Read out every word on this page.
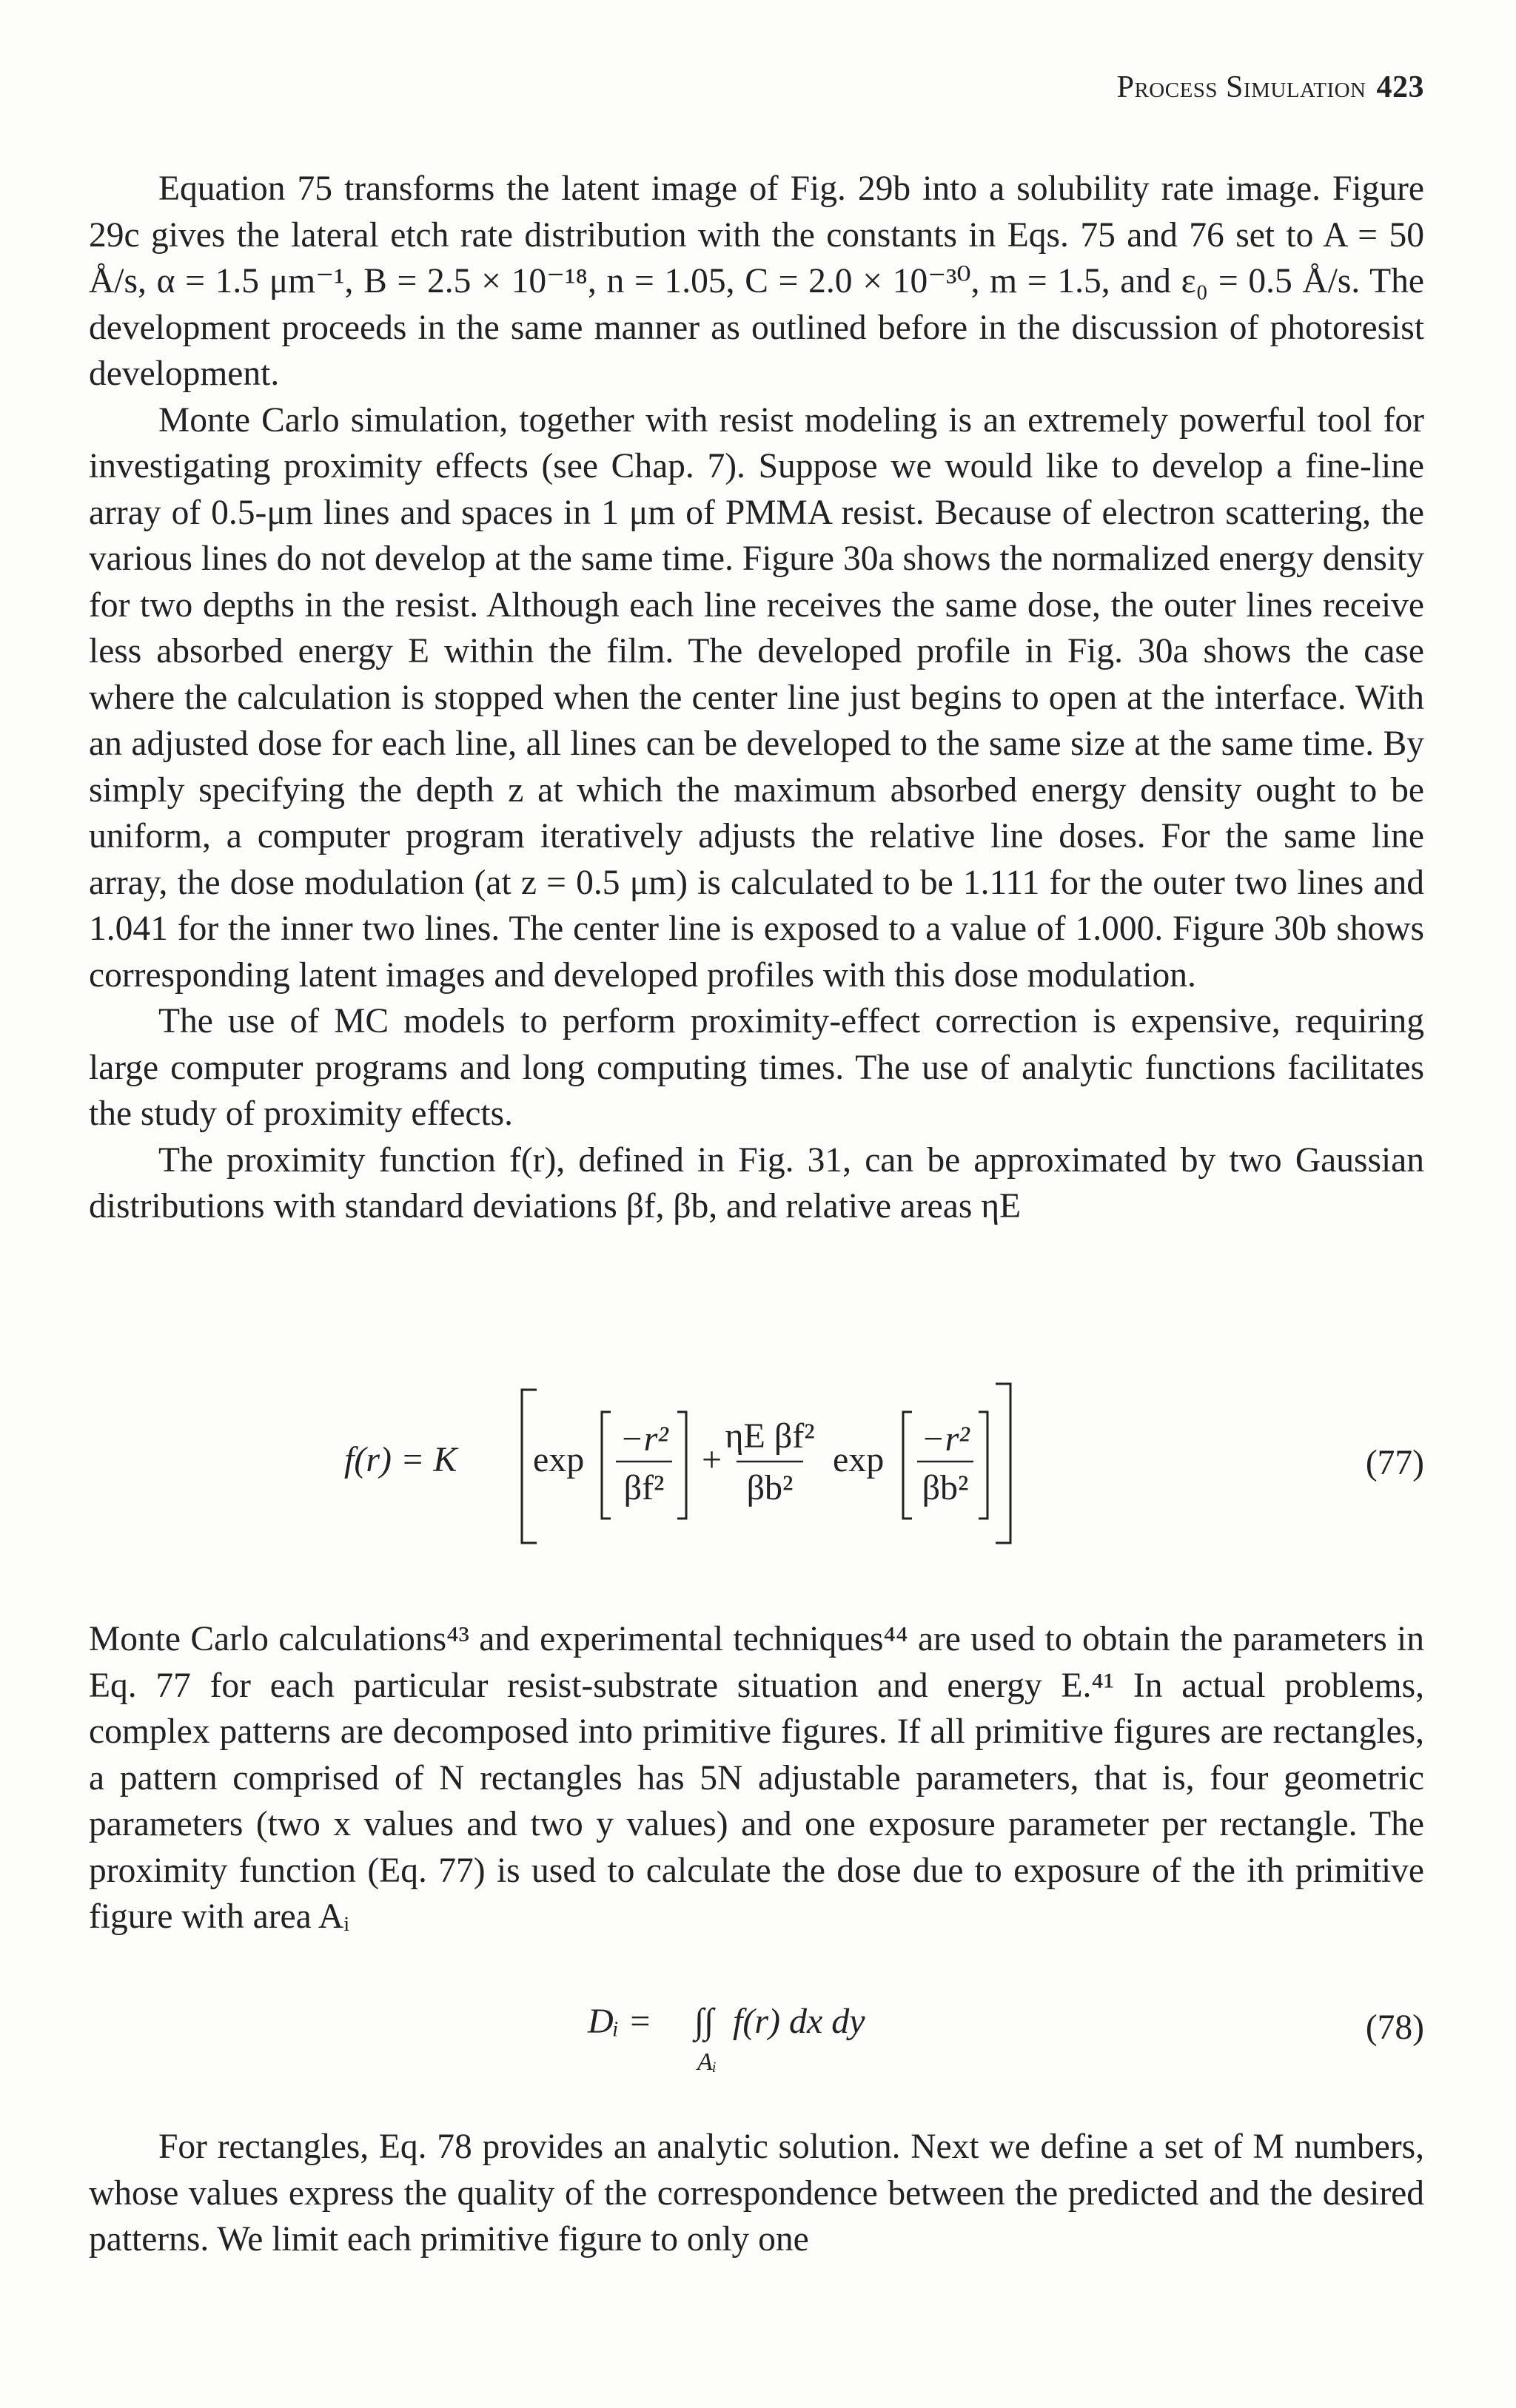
Process Simulation 423

Equation 75 transforms the latent image of Fig. 29b into a solubility rate image. Figure 29c gives the lateral etch rate distribution with the constants in Eqs. 75 and 76 set to A = 50 Å/s, α = 1.5 μm⁻¹, B = 2.5 × 10⁻¹⁸, n = 1.05, C = 2.0 × 10⁻³⁰, m = 1.5, and ε₀ = 0.5 Å/s. The development proceeds in the same manner as outlined before in the discussion of photoresist development.

Monte Carlo simulation, together with resist modeling is an extremely powerful tool for investigating proximity effects (see Chap. 7). Suppose we would like to develop a fine-line array of 0.5-μm lines and spaces in 1 μm of PMMA resist. Because of electron scattering, the various lines do not develop at the same time. Figure 30a shows the normalized energy density for two depths in the resist. Although each line receives the same dose, the outer lines receive less absorbed energy E within the film. The developed profile in Fig. 30a shows the case where the calculation is stopped when the center line just begins to open at the interface. With an adjusted dose for each line, all lines can be developed to the same size at the same time. By simply specifying the depth z at which the maximum absorbed energy density ought to be uniform, a computer program iteratively adjusts the relative line doses. For the same line array, the dose modulation (at z = 0.5 μm) is calculated to be 1.111 for the outer two lines and 1.041 for the inner two lines. The center line is exposed to a value of 1.000. Figure 30b shows corresponding latent images and developed profiles with this dose modulation.

The use of MC models to perform proximity-effect correction is expensive, requiring large computer programs and long computing times. The use of analytic functions facilitates the study of proximity effects.

The proximity function f(r), defined in Fig. 31, can be approximated by two Gaussian distributions with standard deviations βf, βb, and relative areas ηE

f(r) = K exp
−r²
βf²
+
ηE βf²
βb²
exp
−r²
βb²
(77)

Monte Carlo calculations⁴³ and experimental techniques⁴⁴ are used to obtain the parameters in Eq. 77 for each particular resist-substrate situation and energy E.⁴¹ In actual problems, complex patterns are decomposed into primitive figures. If all primitive figures are rectangles, a pattern comprised of N rectangles has 5N adjustable parameters, that is, four geometric parameters (two x values and two y values) and one exposure parameter per rectangle. The proximity function (Eq. 77) is used to calculate the dose due to exposure of the ith primitive figure with area Aᵢ

Dᵢ = ∫∫ f(r) dx dy
Aᵢ
(78)

For rectangles, Eq. 78 provides an analytic solution. Next we define a set of M numbers, whose values express the quality of the correspondence between the predicted and the desired patterns. We limit each primitive figure to only one
